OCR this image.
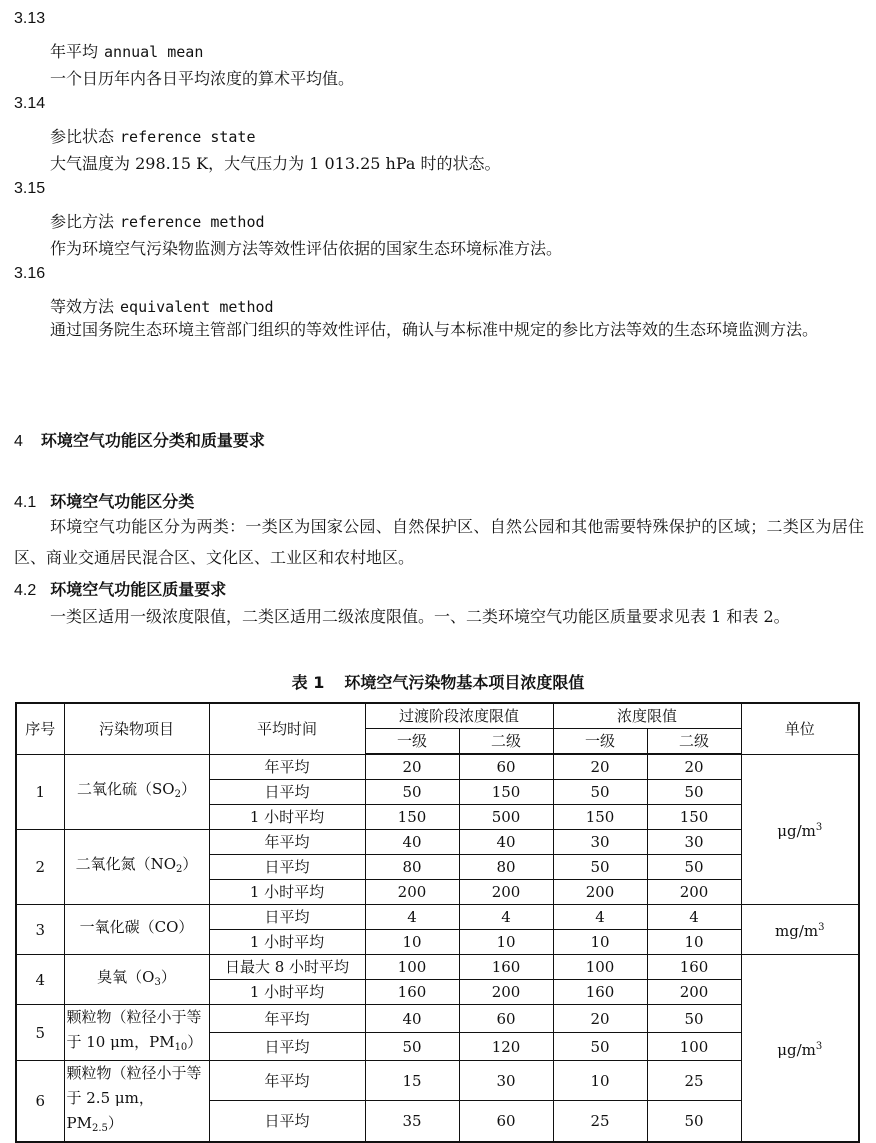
3.13
年平均 annual mean
一个日历年内各日平均浓度的算术平均值。
3.14
参比状态 reference state
大气温度为 298.15 K，大气压力为 1 013.25 hPa 时的状态。
3.15
参比方法 reference method
作为环境空气污染物监测方法等效性评估依据的国家生态环境标准方法。
3.16
等效方法 equivalent method
通过国务院生态环境主管部门组织的等效性评估，确认与本标准中规定的参比方法等效的生态环境监测方法。
4 环境空气功能区分类和质量要求
4.1 环境空气功能区分类
环境空气功能区分为两类：一类区为国家公园、自然保护区、自然公园和其他需要特殊保护的区域；二类区为居住区、商业交通居民混合区、文化区、工业区和农村地区。
4.2 环境空气功能区质量要求
一类区适用一级浓度限值，二类区适用二级浓度限值。一、二类环境空气功能区质量要求见表 1 和表 2。
表 1 环境空气污染物基本项目浓度限值
序号	污染物项目	平均时间	过渡阶段浓度限值		浓度限值		单位
			一级	二级	一级	二级	
1	二氧化硫$(SO_2)$	年平均	20	60	20	20	$\mu g/m^3$
		日平均	50	150	50	50	
		1 小时平均	150	500	150	150	
2	二氧化氮$(NO_2)$	年平均	40	40	30	30	
		日平均	80	80	50	50	
		1 小时平均	200	200	200	200	
3	一氧化碳（CO）	日平均	4	4	4	4	$mg/m^3$
		1 小时平均	10	10	10	10	
4	臭氧$(O_3)$	日最大 8 小时平均	100	160	100	160	$\mu g/m^3$
		1 小时平均	160	200	160	200	
5	颗粒物（粒径小于等于 10 μm，$PM_{10}$）	年平均	40	60	20	50	
		日平均	50	120	50	100	
6	颗粒物（粒径小于等于 2.5 μm，$PM_{2.5}$）	年平均	15	30	10	25	
		日平均	35	60	25	50	
